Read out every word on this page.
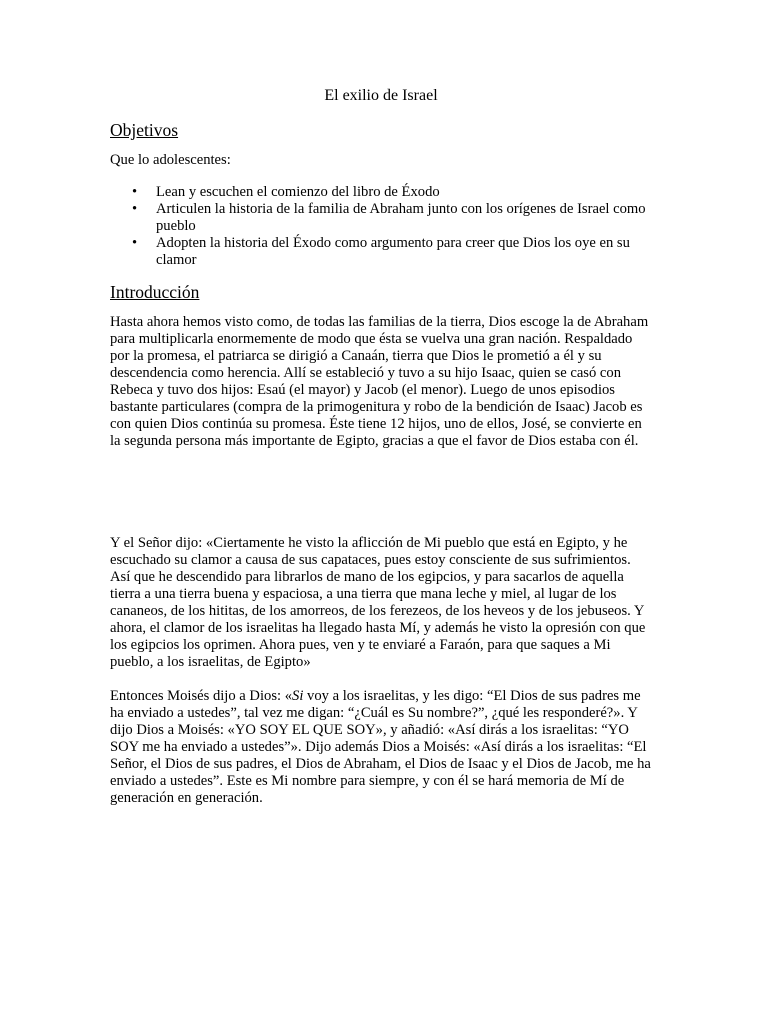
El exilio de Israel
Objetivos

Que lo adolescentes:

• Lean y escuchen el comienzo del libro de Éxodo
• Articulen la historia de la familia de Abraham junto con los orígenes de Israel como pueblo
• Adopten la historia del Éxodo como argumento para creer que Dios los oye en su clamor
Introducción

Hasta ahora hemos visto como, de todas las familias de la tierra, Dios escoge la de Abraham para multiplicarla enormemente de modo que ésta se vuelva una gran nación. Respaldado por la promesa, el patriarca se dirigió a Canaán, tierra que Dios le prometió a él y su descendencia como herencia. Allí se estableció y tuvo a su hijo Isaac, quien se casó con Rebeca y tuvo dos hijos: Esaú (el mayor) y Jacob (el menor). Luego de unos episodios bastante particulares (compra de la primogenitura y robo de la bendición de Isaac) Jacob es con quien Dios continúa su promesa. Éste tiene 12 hijos, uno de ellos, José, se convierte en la segunda persona más importante de Egipto, gracias a que el favor de Dios estaba con él.

Y el Señor dijo: «Ciertamente he visto la aflicción de Mi pueblo que está en Egipto, y he escuchado su clamor a causa de sus capataces, pues estoy consciente de sus sufrimientos. Así que he descendido para librarlos de mano de los egipcios, y para sacarlos de aquella tierra a una tierra buena y espaciosa, a una tierra que mana leche y miel, al lugar de los cananeos, de los hititas, de los amorreos, de los ferezeos, de los heveos y de los jebuseos. Y ahora, el clamor de los israelitas ha llegado hasta Mí, y además he visto la opresión con que los egipcios los oprimen. Ahora pues, ven y te enviaré a Faraón, para que saques a Mi pueblo, a los israelitas, de Egipto»

Entonces Moisés dijo a Dios: «Si voy a los israelitas, y les digo: “El Dios de sus padres me ha enviado a ustedes”, tal vez me digan: “¿Cuál es Su nombre?”, ¿qué les responderé?». Y dijo Dios a Moisés: «YO SOY EL QUE SOY», y añadió: «Así dirás a los israelitas: “YO SOY me ha enviado a ustedes”». Dijo además Dios a Moisés: «Así dirás a los israelitas: “El Señor, el Dios de sus padres, el Dios de Abraham, el Dios de Isaac y el Dios de Jacob, me ha enviado a ustedes”. Este es Mi nombre para siempre, y con él se hará memoria de Mí de generación en generación.
